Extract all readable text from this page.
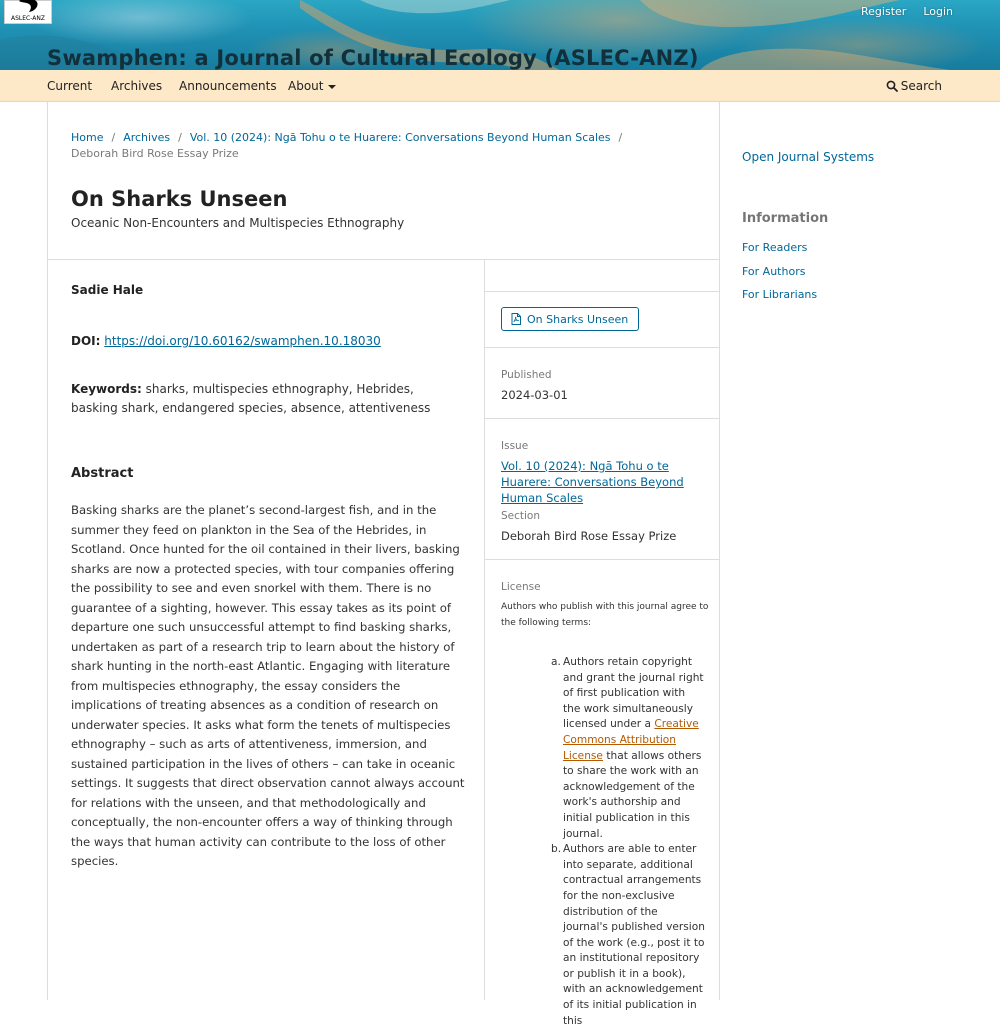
ASLEC-ANZ
Register Login
Swamphen: a Journal of Cultural Ecology (ASLEC-ANZ)
Current Archives Announcements About	Search
Home / Archives / Vol. 10 (2024): Ngā Tohu o te Huarere: Conversations Beyond Human Scales /
Deborah Bird Rose Essay Prize
On Sharks Unseen
Oceanic Non-Encounters and Multispecies Ethnography
Sadie Hale
DOI: https://doi.org/10.60162/swamphen.10.18030
Keywords: sharks, multispecies ethnography, Hebrides, basking shark, endangered species, absence, attentiveness
Abstract

Basking sharks are the planet’s second-largest fish, and in the summer they feed on plankton in the Sea of the Hebrides, in Scotland. Once hunted for the oil contained in their livers, basking sharks are now a protected species, with tour companies offering the possibility to see and even snorkel with them. There is no guarantee of a sighting, however. This essay takes as its point of departure one such unsuccessful attempt to find basking sharks, undertaken as part of a research trip to learn about the history of shark hunting in the north-east Atlantic. Engaging with literature from multispecies ethnography, the essay considers the implications of treating absences as a condition of research on underwater species. It asks what form the tenets of multispecies ethnography – such as arts of attentiveness, immersion, and sustained participation in the lives of others – can take in oceanic settings. It suggests that direct observation cannot always account for relations with the unseen, and that methodologically and conceptually, the non-encounter offers a way of thinking through the ways that human activity can contribute to the loss of other species.

On Sharks Unseen
Published
2024-03-01
Issue
Vol. 10 (2024): Ngā Tohu o te Huarere: Conversations Beyond Human Scales
Section
Deborah Bird Rose Essay Prize
License
Authors who publish with this journal agree to the following terms:
a. Authors retain copyright and grant the journal right of first publication with the work simultaneously licensed under a Creative Commons Attribution License that allows others to share the work with an acknowledgement of the work's authorship and initial publication in this journal.
b. Authors are able to enter into separate, additional contractual arrangements for the non-exclusive distribution of the journal's published version of the work (e.g., post it to an institutional repository or publish it in a book), with an acknowledgement of its initial publication in this
Open Journal Systems
Information
For Readers
For Authors
For Librarians
